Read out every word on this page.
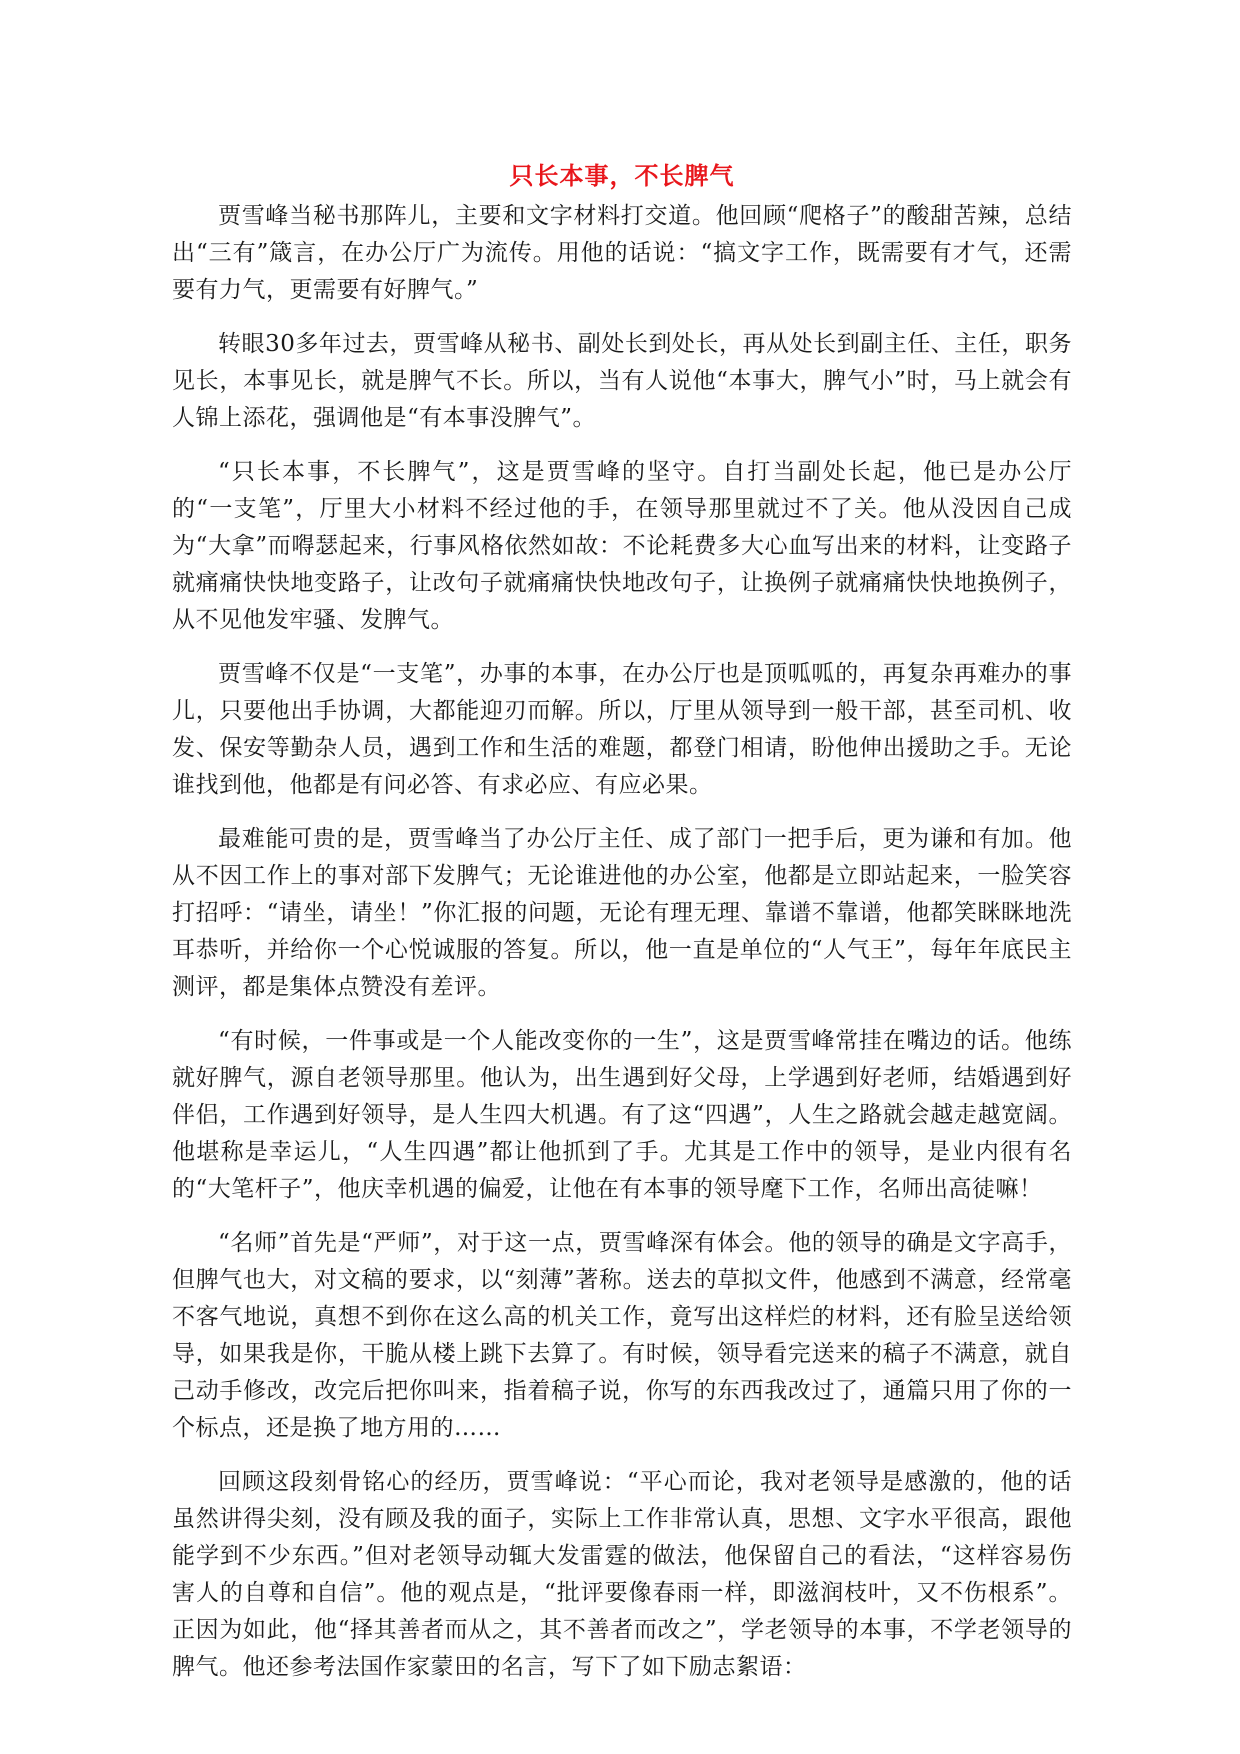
只长本事，不长脾气

贾雪峰当秘书那阵儿，主要和文字材料打交道。他回顾“爬格子”的酸甜苦辣，总结出“三有”箴言，在办公厅广为流传。用他的话说：“搞文字工作，既需要有才气，还需要有力气，更需要有好脾气。”

转眼30多年过去，贾雪峰从秘书、副处长到处长，再从处长到副主任、主任，职务见长，本事见长，就是脾气不长。所以，当有人说他“本事大，脾气小”时，马上就会有人锦上添花，强调他是“有本事没脾气”。

“只长本事，不长脾气”，这是贾雪峰的坚守。自打当副处长起，他已是办公厅的“一支笔”，厅里大小材料不经过他的手，在领导那里就过不了关。他从没因自己成为“大拿”而嘚瑟起来，行事风格依然如故：不论耗费多大心血写出来的材料，让变路子就痛痛快快地变路子，让改句子就痛痛快快地改句子，让换例子就痛痛快快地换例子，从不见他发牢骚、发脾气。

贾雪峰不仅是“一支笔”，办事的本事，在办公厅也是顶呱呱的，再复杂再难办的事儿，只要他出手协调，大都能迎刃而解。所以，厅里从领导到一般干部，甚至司机、收发、保安等勤杂人员，遇到工作和生活的难题，都登门相请，盼他伸出援助之手。无论谁找到他，他都是有问必答、有求必应、有应必果。

最难能可贵的是，贾雪峰当了办公厅主任、成了部门一把手后，更为谦和有加。他从不因工作上的事对部下发脾气；无论谁进他的办公室，他都是立即站起来，一脸笑容打招呼：“请坐，请坐！”你汇报的问题，无论有理无理、靠谱不靠谱，他都笑眯眯地洗耳恭听，并给你一个心悦诚服的答复。所以，他一直是单位的“人气王”，每年年底民主测评，都是集体点赞没有差评。

“有时候，一件事或是一个人能改变你的一生”，这是贾雪峰常挂在嘴边的话。他练就好脾气，源自老领导那里。他认为，出生遇到好父母，上学遇到好老师，结婚遇到好伴侣，工作遇到好领导，是人生四大机遇。有了这“四遇”，人生之路就会越走越宽阔。他堪称是幸运儿，“人生四遇”都让他抓到了手。尤其是工作中的领导，是业内很有名的“大笔杆子”，他庆幸机遇的偏爱，让他在有本事的领导麾下工作，名师出高徒嘛！

“名师”首先是“严师”，对于这一点，贾雪峰深有体会。他的领导的确是文字高手，但脾气也大，对文稿的要求，以“刻薄”著称。送去的草拟文件，他感到不满意，经常毫不客气地说，真想不到你在这么高的机关工作，竟写出这样烂的材料，还有脸呈送给领导，如果我是你，干脆从楼上跳下去算了。有时候，领导看完送来的稿子不满意，就自己动手修改，改完后把你叫来，指着稿子说，你写的东西我改过了，通篇只用了你的一个标点，还是换了地方用的……

回顾这段刻骨铭心的经历，贾雪峰说：“平心而论，我对老领导是感激的，他的话虽然讲得尖刻，没有顾及我的面子，实际上工作非常认真，思想、文字水平很高，跟他能学到不少东西。”但对老领导动辄大发雷霆的做法，他保留自己的看法，“这样容易伤害人的自尊和自信”。他的观点是，“批评要像春雨一样，即滋润枝叶，又不伤根系”。正因为如此，他“择其善者而从之，其不善者而改之”，学老领导的本事，不学老领导的脾气。他还参考法国作家蒙田的名言，写下了如下励志絮语：
